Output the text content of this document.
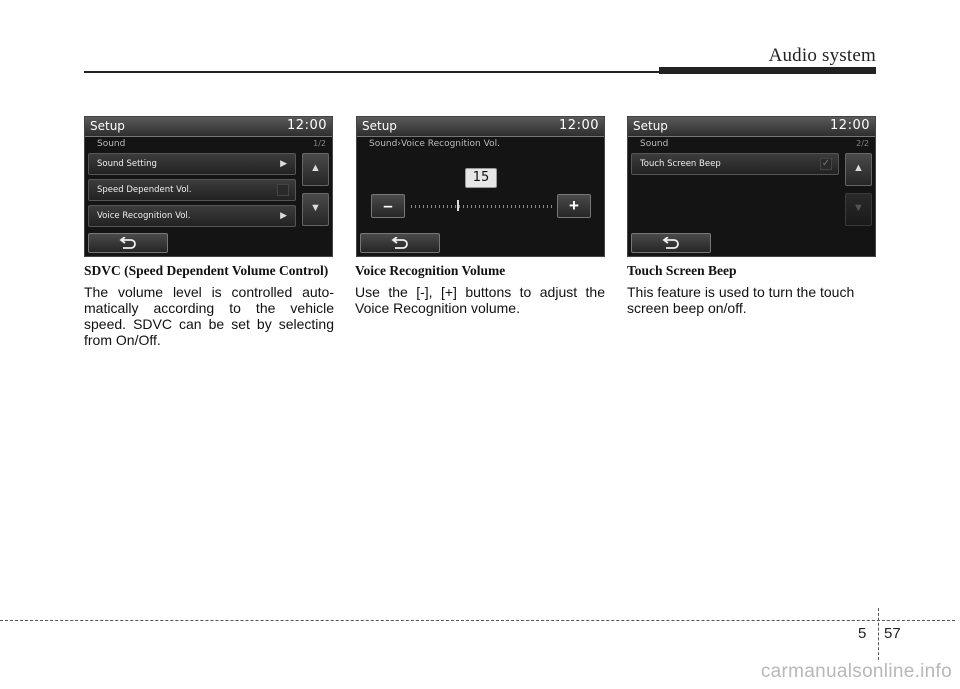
Audio system
Setup	12:00
Sound	1/2
Sound Setting	▶
Speed Dependent Vol.
Voice Recognition Vol.	▶
▲
▼
Setup	12:00
Sound›Voice Recognition Vol.
15
–	+
Setup	12:00
Sound	2/2
Touch Screen Beep	✓	▲
▼
SDVC (Speed Dependent Volume Control)
The volume level is controlled auto-matically according to the vehicle speed. SDVC can be set by selecting from On/Off.
Voice Recognition Volume
Use the [-], [+] buttons to adjust the Voice Recognition volume.
Touch Screen Beep
This feature is used to turn the touch screen beep on/off.
5 57
carmanualsonline.info
